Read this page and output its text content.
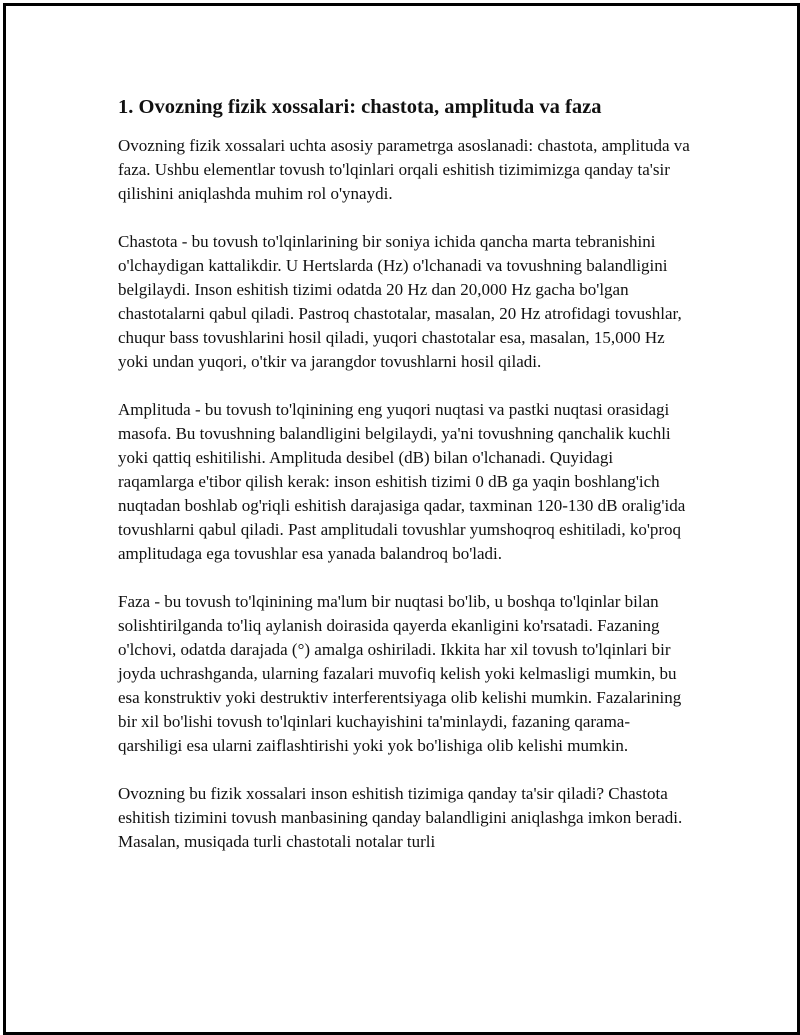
1. Ovozning fizik xossalari: chastota, amplituda va faza

Ovozning fizik xossalari uchta asosiy parametrga asoslanadi: chastota, amplituda va faza. Ushbu elementlar tovush to'lqinlari orqali eshitish tizimimizga qanday ta'sir qilishini aniqlashda muhim rol o'ynaydi.

Chastota - bu tovush to'lqinlarining bir soniya ichida qancha marta tebranishini o'lchaydigan kattalikdir. U Hertslarda (Hz) o'lchanadi va tovushning balandligini belgilaydi. Inson eshitish tizimi odatda 20 Hz dan 20,000 Hz gacha bo'lgan chastotalarni qabul qiladi. Pastroq chastotalar, masalan, 20 Hz atrofidagi tovushlar, chuqur bass tovushlarini hosil qiladi, yuqori chastotalar esa, masalan, 15,000 Hz yoki undan yuqori, o'tkir va jarangdor tovushlarni hosil qiladi.

Amplituda - bu tovush to'lqinining eng yuqori nuqtasi va pastki nuqtasi orasidagi masofa. Bu tovushning balandligini belgilaydi, ya'ni tovushning qanchalik kuchli yoki qattiq eshitilishi. Amplituda desibel (dB) bilan o'lchanadi. Quyidagi raqamlarga e'tibor qilish kerak: inson eshitish tizimi 0 dB ga yaqin boshlang'ich nuqtadan boshlab og'riqli eshitish darajasiga qadar, taxminan 120-130 dB oralig'ida tovushlarni qabul qiladi. Past amplitudali tovushlar yumshoqroq eshitiladi, ko'proq amplitudaga ega tovushlar esa yanada balandroq bo'ladi.

Faza - bu tovush to'lqinining ma'lum bir nuqtasi bo'lib, u boshqa to'lqinlar bilan solishtirilganda to'liq aylanish doirasida qayerda ekanligini ko'rsatadi. Fazaning o'lchovi, odatda darajada (°) amalga oshiriladi. Ikkita har xil tovush to'lqinlari bir joyda uchrashganda, ularning fazalari muvofiq kelish yoki kelmasligi mumkin, bu esa konstruktiv yoki destruktiv interferentsiyaga olib kelishi mumkin. Fazalarining bir xil bo'lishi tovush to'lqinlari kuchayishini ta'minlaydi, fazaning qarama-qarshiligi esa ularni zaiflashtirishi yoki yok bo'lishiga olib kelishi mumkin.

Ovozning bu fizik xossalari inson eshitish tizimiga qanday ta'sir qiladi? Chastota eshitish tizimini tovush manbasining qanday balandligini aniqlashga imkon beradi. Masalan, musiqada turli chastotali notalar turli
